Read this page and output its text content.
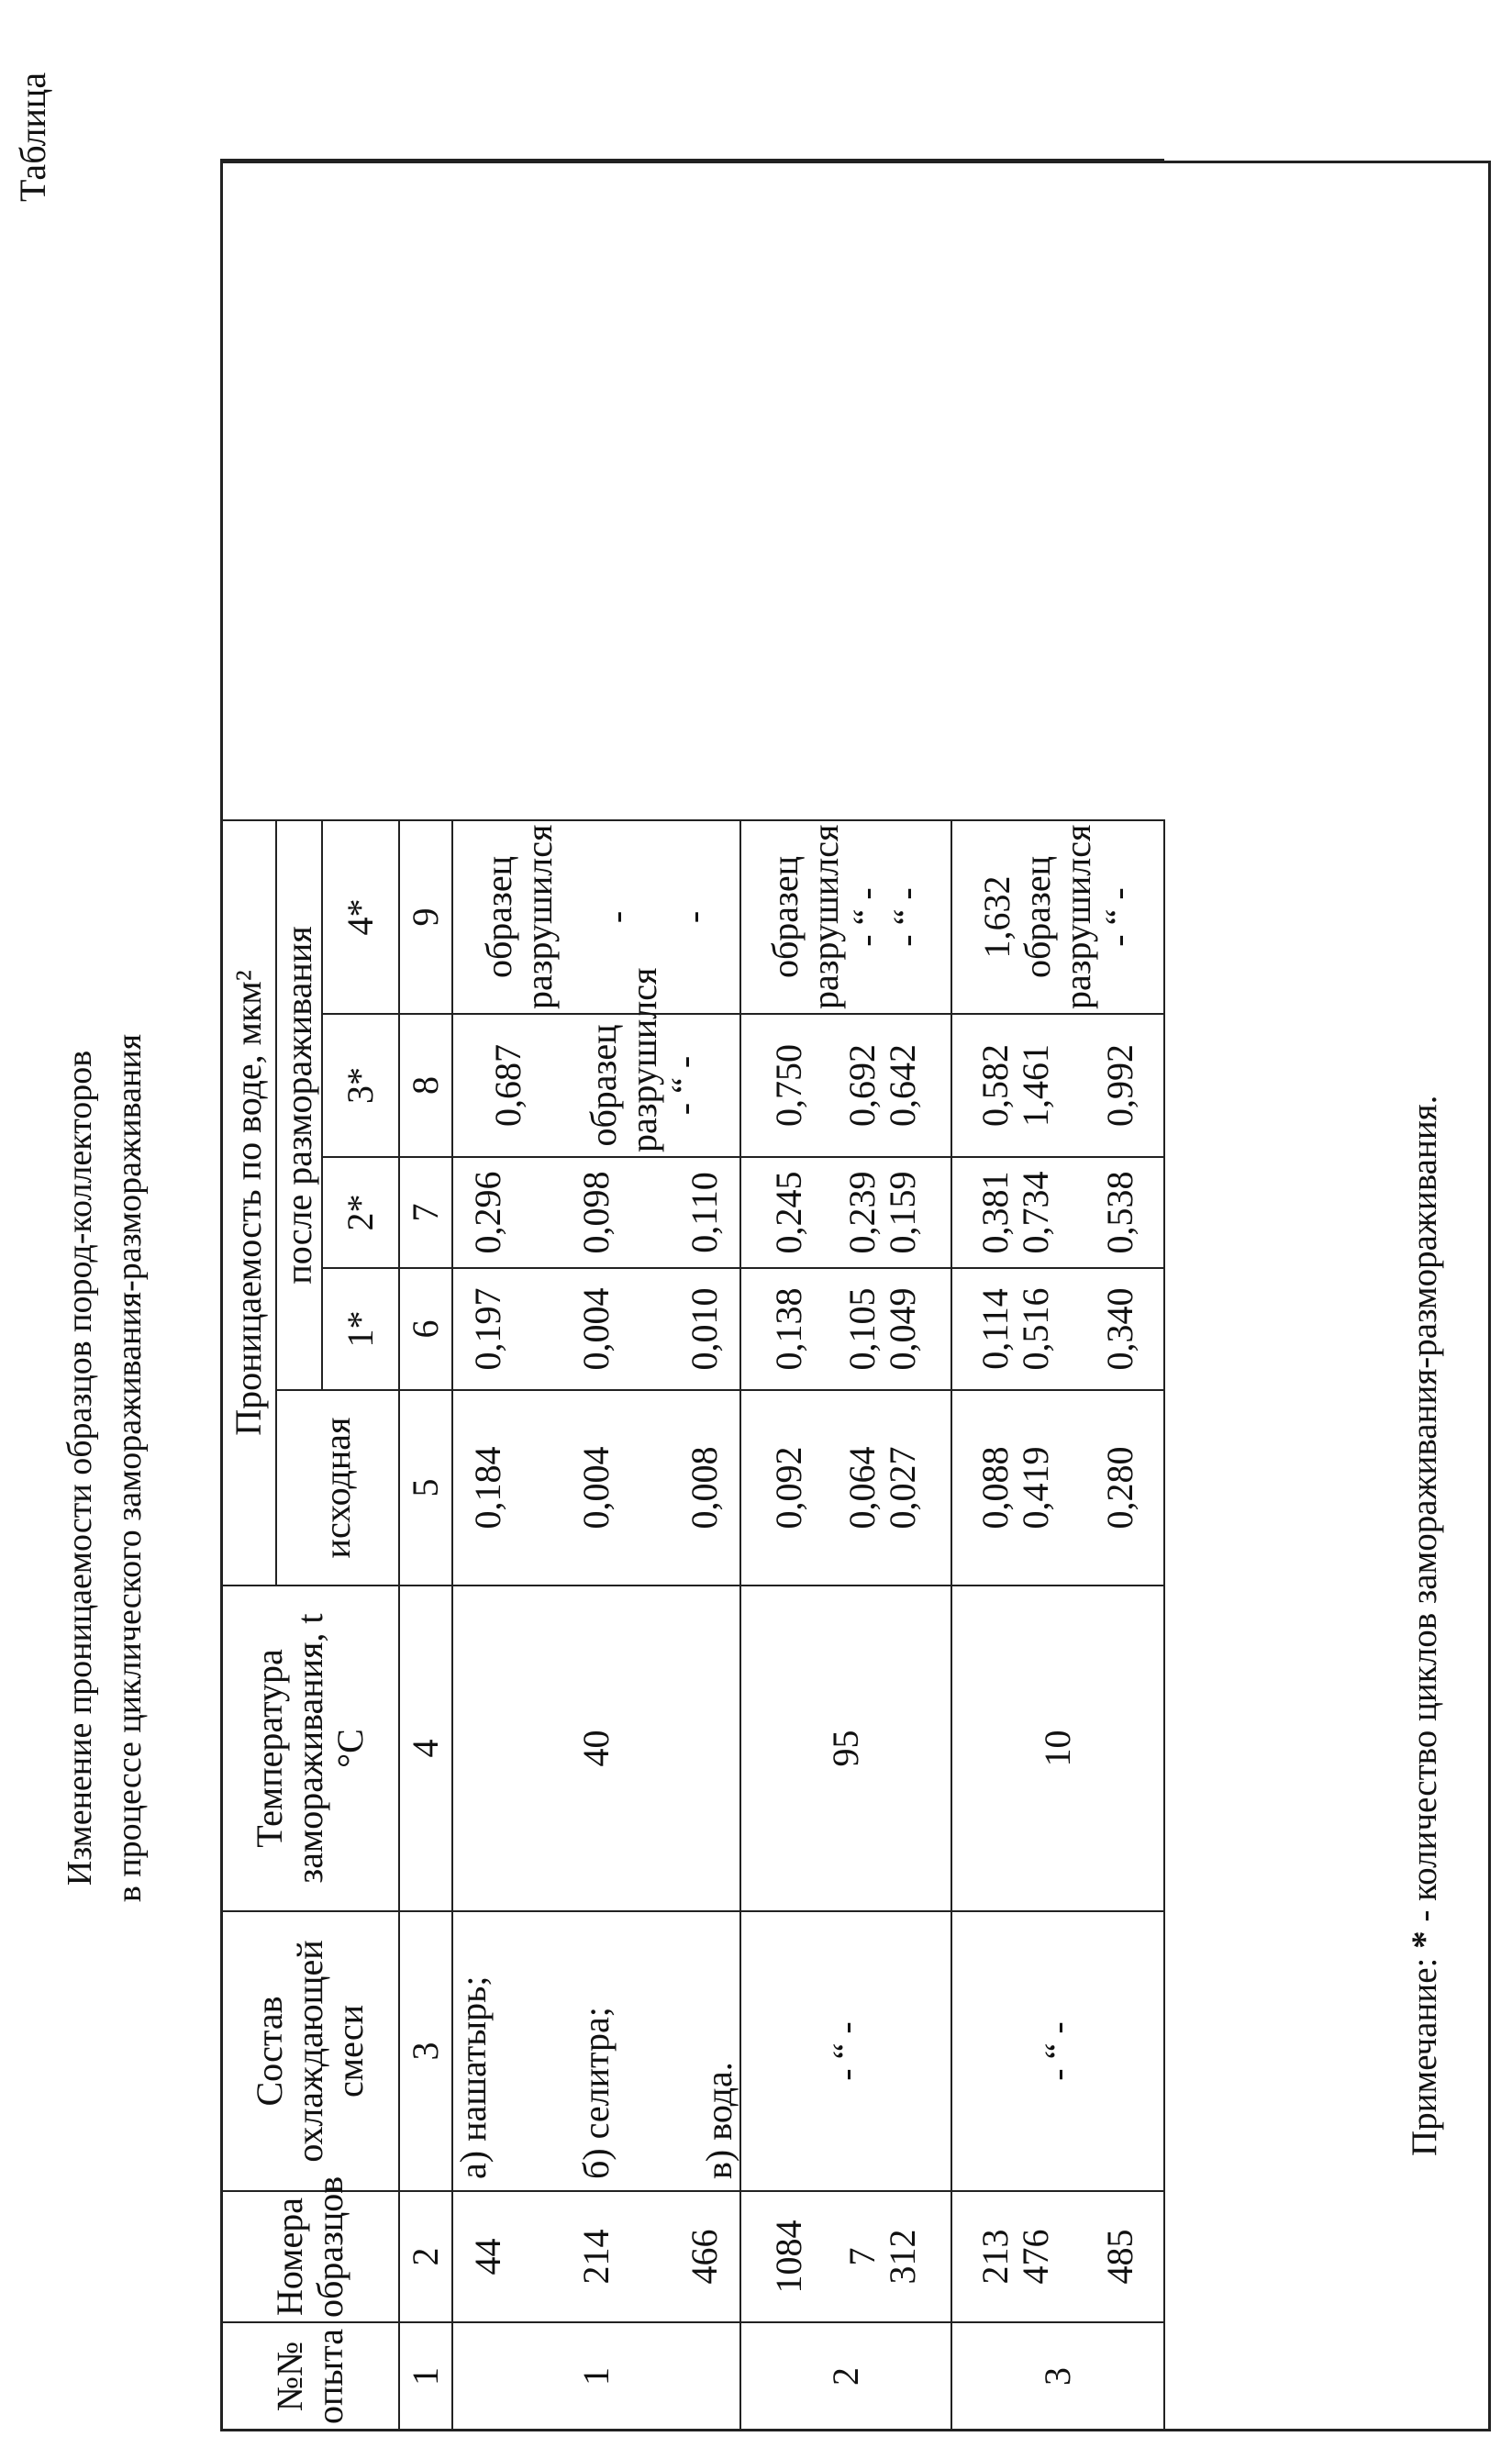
Таблица
Изменение проницаемости образцов пород-коллекторов в процессе циклического замораживания-размораживания
№№ опыта
	Номера образцов	Состав охлаждающей смеси	Температура замораживания, t °C	Проницаемость по воде, мкм²	
исходная	после размораживания
1*	2*	3*	4*
1	2	3	4	5	6	7	8	9
1	
44 214 466

а) нашатырь; б) селитра; в) вода.
	40	
0,184 0,004 0,008

0,197 0,004 0,010

0,296 0,098 0,110

0,687 образец разрушился - “ -

образец разрушился - -

2	
1084 7 312
	- “ -	95	
0,092 0,064 0,027

0,138 0,105 0,049

0,245 0,239 0,159

0,750 0,692 0,642

образец разрушился - “ - - “ -

3	
213 476 485
	- “ -	10	
0,088 0,419 0,280

0,114 0,516 0,340

0,381 0,734 0,538

0,582 1,461 0,992

1,632 образец разрушился - “ -
Примечание: * - количество циклов замораживания-размораживания.
